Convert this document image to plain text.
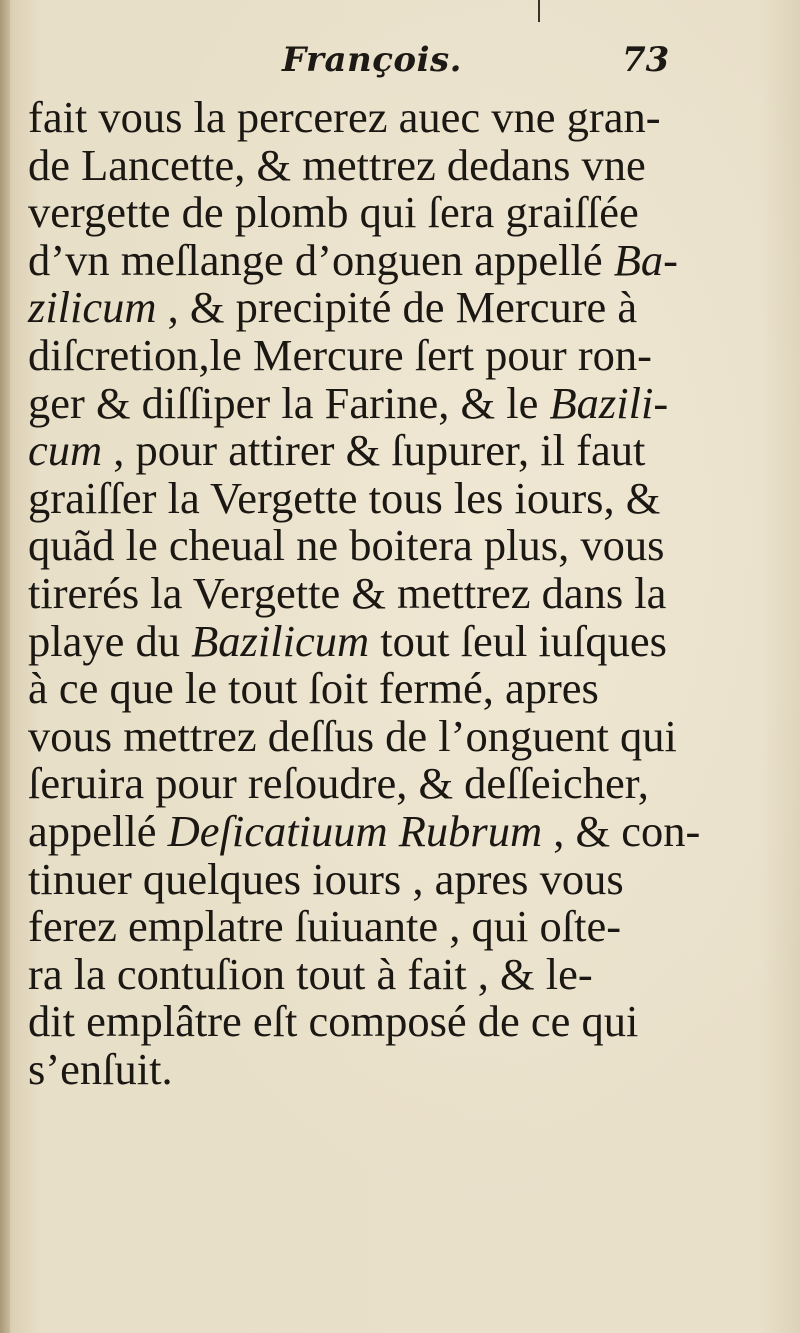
François.	73
fait vous la percerez auec vne gran-
de Lancette, & mettrez dedans vne
vergette de plomb qui ſera graiſſée
d’vn meſlange d’onguen appellé Ba-
zilicum , & precipité de Mercure à
diſcretion,le Mercure ſert pour ron-
ger & diſſiper la Farine, & le Bazili-
cum , pour attirer & ſupurer, il faut
graiſſer la Vergette tous les iours, &
quãd le cheual ne boitera plus, vous
tirerés la Vergette & mettrez dans la
playe du Bazilicum tout ſeul iuſques
à ce que le tout ſoit fermé, apres
vous mettrez deſſus de l’onguent qui
ſeruira pour reſoudre, & deſſeicher,
appellé Deſicatiuum Rubrum , & con-
tinuer quelques iours , apres vous
ferez emplatre ſuiuante , qui oſte-
ra la contuſion tout à fait , & le-
dit emplâtre eſt composé de ce qui
s’enſuit.
